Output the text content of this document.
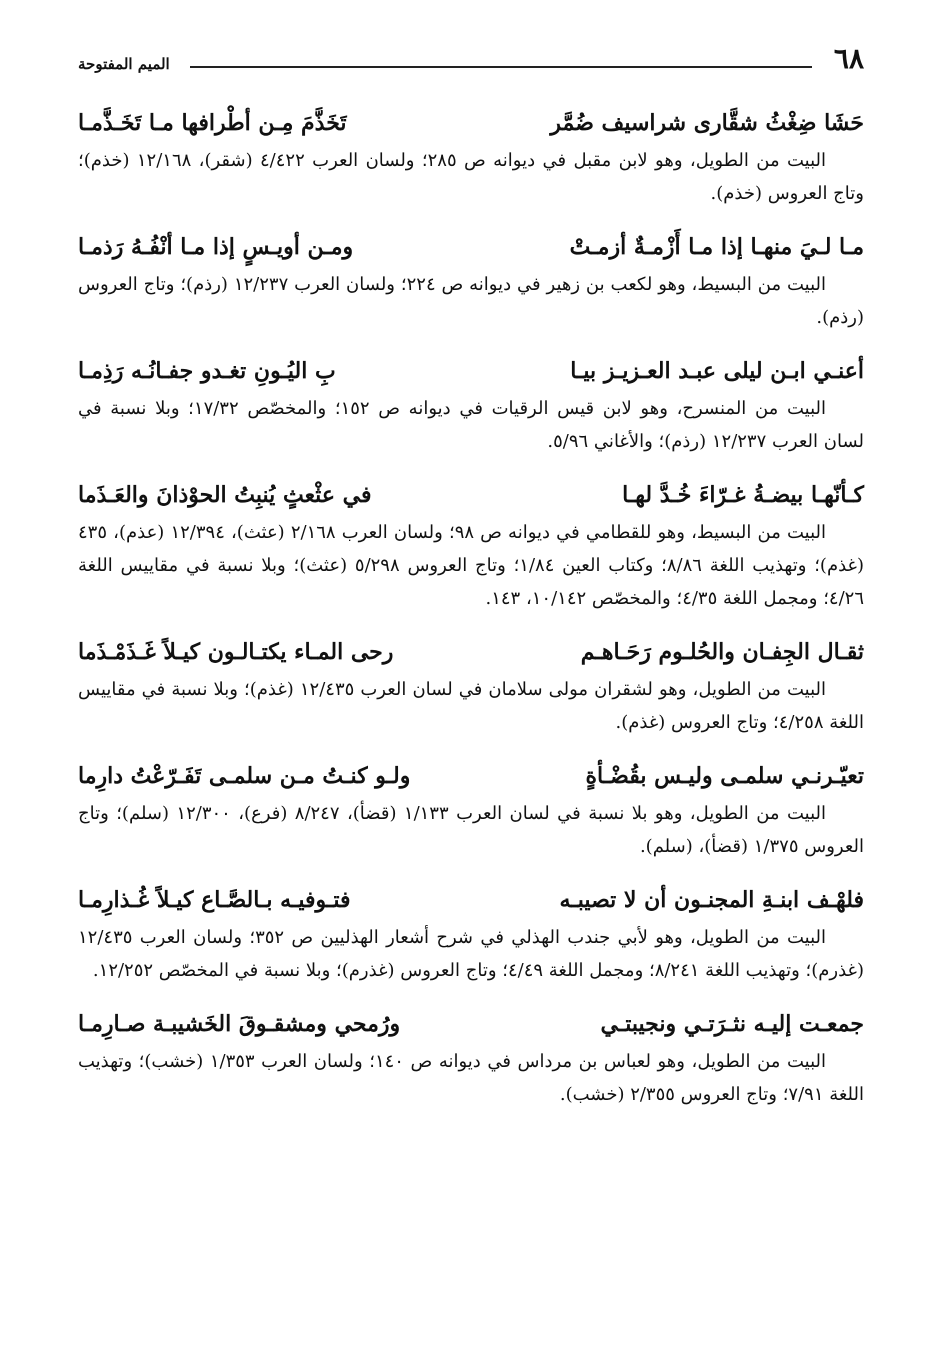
٦٨
الميم المفتوحة
حَشَا ضِغْثُ شقَّارى شراسيف ضُمَّر
تَخَذَّمَ مِـن أطْرافها مـا تَخَـذَّمـا

البيت من الطويل، وهو لابن مقبل في ديوانه ص ٢٨٥؛ ولسان العرب ٤/٤٢٢ (شقر)، ١٢/١٦٨ (خذم)؛ وتاج العروس (خذم).

مـا لـيَ منهـا إذا مـا أَزْمـةٌ أزمـتْ
ومـن أويـسٍ إذا مـا أنْفُـهُ رَذمـا

البيت من البسيط، وهو لكعب بن زهير في ديوانه ص ٢٢٤؛ ولسان العرب ١٢/٢٣٧ (رذم)؛ وتاج العروس (رذم).

أعنـي ابـن ليلى عبـد العـزيـز بيـا
بِ اليُـونِ تغـدو جفـانُـه رَذِمـا

البيت من المنسرح، وهو لابن قيس الرقيات في ديوانه ص ١٥٢؛ والمخصّص ١٧/٣٢؛ وبلا نسبة في لسان العرب ١٢/٢٣٧ (رذم)؛ والأغاني ٥/٩٦.

كـأنّهـا بيضـةُ غـرّاءَ خُـدَّ لهـا
في عثْعثٍ يُنبِتُ الحوْذانَ والعَـذَما

البيت من البسيط، وهو للقطامي في ديوانه ص ٩٨؛ ولسان العرب ٢/١٦٨ (عثث)، ١٢/٣٩٤ (عذم)، ٤٣٥ (غذم)؛ وتهذيب اللغة ٨/٨٦؛ وكتاب العين ١/٨٤؛ وتاج العروس ٥/٢٩٨ (عثث)؛ وبلا نسبة في مقاييس اللغة ٤/٢٦؛ ومجمل اللغة ٤/٣٥؛ والمخصّص ١٠/١٤٢، ١٤٣.

ثقـال الجِفـان والحُلـوم رَحَـاهـم
رحى المـاء يكتـالـون كيـلاً غَـذَمْـذَما

البيت من الطويل، وهو لشقران مولى سلامان في لسان العرب ١٢/٤٣٥ (غذم)؛ وبلا نسبة في مقاييس اللغة ٤/٢٥٨؛ وتاج العروس (غذم).

تعيّـرنـي سلمـى وليـس بقُضْـأةٍ
ولـو كنـتُ مـن سلمـى تَفَـرّعْتُ دارِما

البيت من الطويل، وهو بلا نسبة في لسان العرب ١/١٣٣ (قضأ)، ٨/٢٤٧ (فرع)، ١٢/٣٠٠ (سلم)؛ وتاج العروس ١/٣٧٥ (قضأ)، (سلم).

فلهْـف ابنـةِ المجنـون أن لا تصيبـه
فتـوفيـه بـالصَّـاع كيـلاً غُـذارِمـا

البيت من الطويل، وهو لأبي جندب الهذلي في شرح أشعار الهذليين ص ٣٥٢؛ ولسان العرب ١٢/٤٣٥ (غذرم)؛ وتهذيب اللغة ٨/٢٤١؛ ومجمل اللغة ٤/٤٩؛ وتاج العروس (غذرم)؛ وبلا نسبة في المخصّص ١٢/٢٥٢.

جمعـت إليـه نثـرَتـي ونجيبتـي
ورُمحي ومشقـوقَ الخَشيبـة صـارِمـا

البيت من الطويل، وهو لعباس بن مرداس في ديوانه ص ١٤٠؛ ولسان العرب ١/٣٥٣ (خشب)؛ وتهذيب اللغة ٧/٩١؛ وتاج العروس ٢/٣٥٥ (خشب).
